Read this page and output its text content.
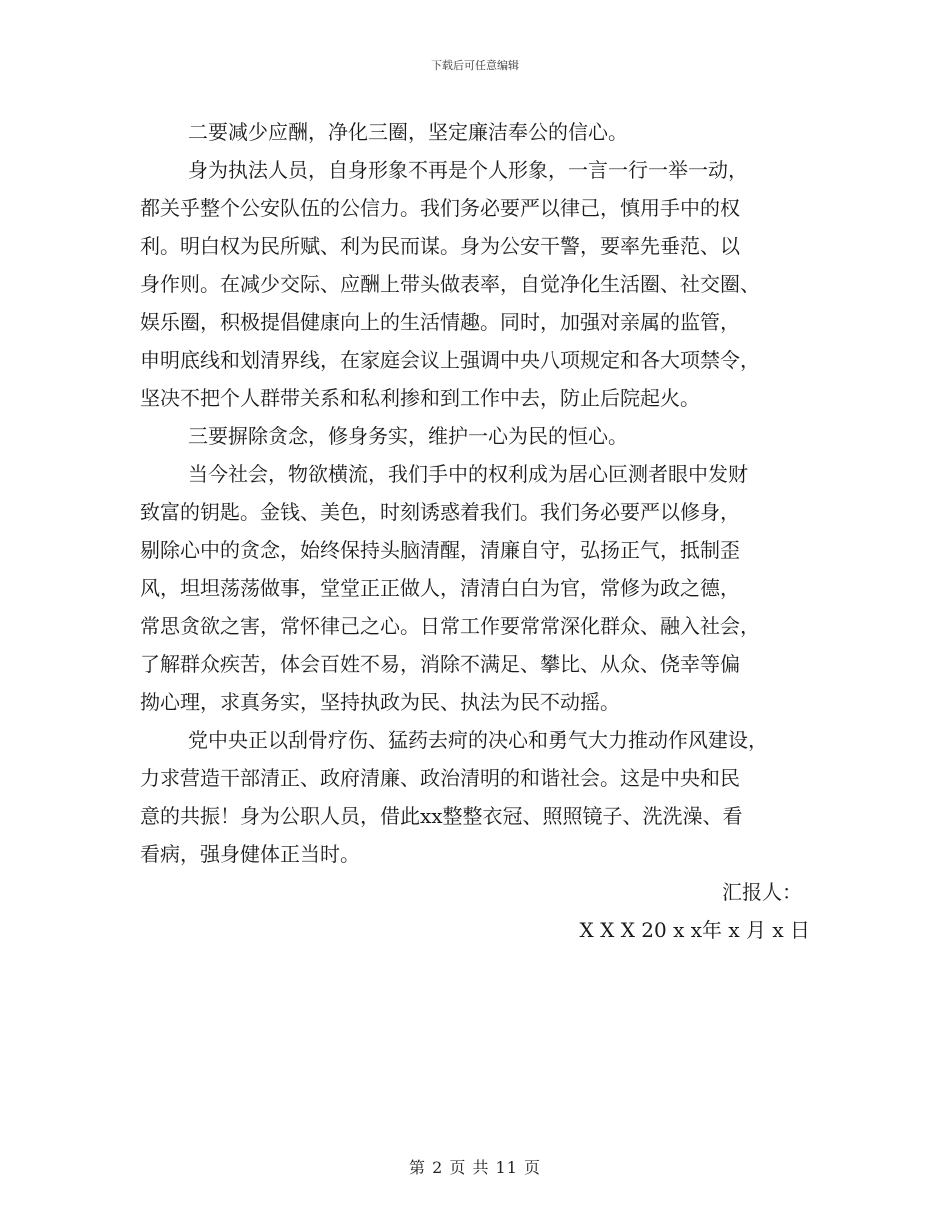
下载后可任意编辑
二要减少应酬，净化三圈，坚定廉洁奉公的信心。
身为执法人员，自身形象不再是个人形象，一言一行一举一动，
都关乎整个公安队伍的公信力。我们务必要严以律己，慎用手中的权
利。明白权为民所赋、利为民而谋。身为公安干警，要率先垂范、以
身作则。在减少交际、应酬上带头做表率，自觉净化生活圈、社交圈、
娱乐圈，积极提倡健康向上的生活情趣。同时，加强对亲属的监管，
申明底线和划清界线，在家庭会议上强调中央八项规定和各大项禁令，
坚决不把个人群带关系和私利掺和到工作中去，防止后院起火。
三要摒除贪念，修身务实，维护一心为民的恒心。
当今社会，物欲横流，我们手中的权利成为居心叵测者眼中发财
致富的钥匙。金钱、美色，时刻诱惑着我们。我们务必要严以修身，
剔除心中的贪念，始终保持头脑清醒，清廉自守，弘扬正气，抵制歪
风，坦坦荡荡做事，堂堂正正做人，清清白白为官，常修为政之德，
常思贪欲之害，常怀律己之心。日常工作要常常深化群众、融入社会，
了解群众疾苦，体会百姓不易，消除不满足、攀比、从众、侥幸等偏
拗心理，求真务实，坚持执政为民、执法为民不动摇。
党中央正以刮骨疗伤、猛药去疴的决心和勇气大力推动作风建设，
力求营造干部清正、政府清廉、政治清明的和谐社会。这是中央和民
意的共振！身为公职人员，借此xx整整衣冠、照照镜子、洗洗澡、看
看病，强身健体正当时。
汇报人：
X X X 20 x x年 x 月 x 日
第 2 页 共 11 页
